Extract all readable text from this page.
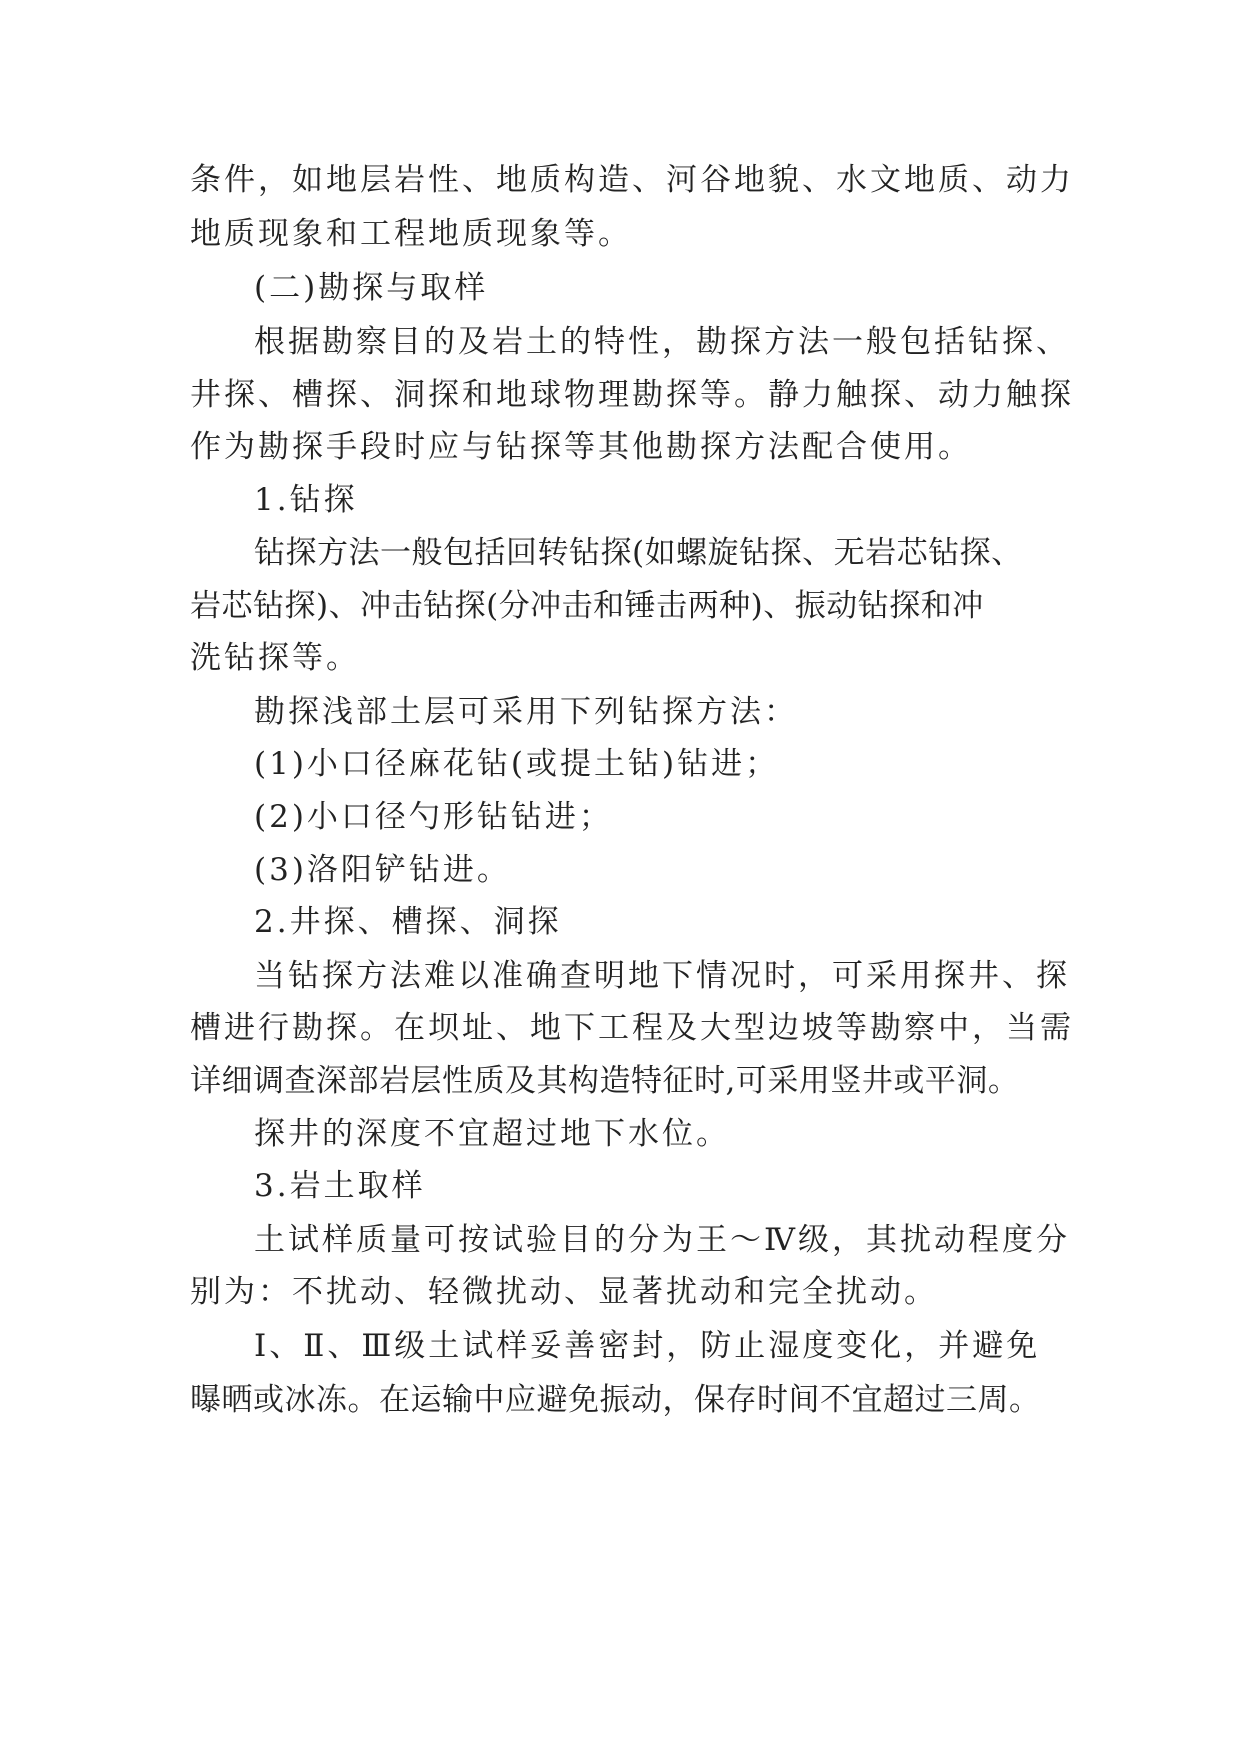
条件，如地层岩性、地质构造、河谷地貌、水文地质、动力
地质现象和工程地质现象等。
(二)勘探与取样
根据勘察目的及岩土的特性，勘探方法一般包括钻探、
井探、槽探、洞探和地球物理勘探等。静力触探、动力触探
作为勘探手段时应与钻探等其他勘探方法配合使用。
1.钻探
钻探方法一般包括回转钻探(如螺旋钻探、无岩芯钻探、
岩芯钻探)、冲击钻探(分冲击和锤击两种)、振动钻探和冲
洗钻探等。
勘探浅部土层可采用下列钻探方法：
(1)小口径麻花钻(或提土钻)钻进；
(2)小口径勺形钻钻进；
(3)洛阳铲钻进。
2.井探、槽探、洞探
当钻探方法难以准确查明地下情况时，可采用探井、探
槽进行勘探。在坝址、地下工程及大型边坡等勘察中，当需
详细调查深部岩层性质及其构造特征时,可采用竖井或平洞。
探井的深度不宜超过地下水位。
3.岩土取样
土试样质量可按试验目的分为王～Ⅳ级，其扰动程度分
别为：不扰动、轻微扰动、显著扰动和完全扰动。
Ⅰ、Ⅱ、Ⅲ级土试样妥善密封，防止湿度变化，并避免
曝晒或冰冻。在运输中应避免振动，保存时间不宜超过三周。
